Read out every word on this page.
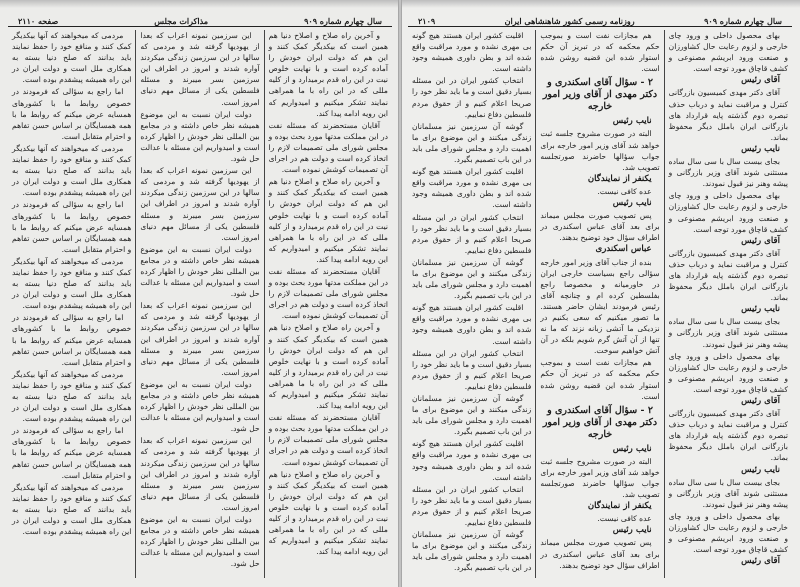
سال چهارم شماره ۹۰۹
مذاکرات مجلس
صفحه ۲۱۱۰

و آخرین راه صلاح و اصلاح دنیا هم همین است که بیکدیگر کمک کنند و این هم که دولت ایران خودش را آماده کرده است و با نهایت خلوص نیت در این راه قدم برمیدارد و از کلیه مللی که در این راه با ما همراهی نمایند تشکر میکنیم و امیدواریم که این رویه ادامه پیدا کند.

آقایان مستحضرند که مسئله نفت در این مملکت مدتها مورد بحث بوده و مجلس شورای ملی تصمیمات لازم را اتخاذ کرده است و دولت هم در اجرای آن تصمیمات کوشش نموده است.

و آخرین راه صلاح و اصلاح دنیا هم همین است که بیکدیگر کمک کنند و این هم که دولت ایران خودش را آماده کرده است و با نهایت خلوص نیت در این راه قدم برمیدارد و از کلیه مللی که در این راه با ما همراهی نمایند تشکر میکنیم و امیدواریم که این رویه ادامه پیدا کند.

آقایان مستحضرند که مسئله نفت در این مملکت مدتها مورد بحث بوده و مجلس شورای ملی تصمیمات لازم را اتخاذ کرده است و دولت هم در اجرای آن تصمیمات کوشش نموده است.

و آخرین راه صلاح و اصلاح دنیا هم همین است که بیکدیگر کمک کنند و این هم که دولت ایران خودش را آماده کرده است و با نهایت خلوص نیت در این راه قدم برمیدارد و از کلیه مللی که در این راه با ما همراهی نمایند تشکر میکنیم و امیدواریم که این رویه ادامه پیدا کند.

آقایان مستحضرند که مسئله نفت در این مملکت مدتها مورد بحث بوده و مجلس شورای ملی تصمیمات لازم را اتخاذ کرده است و دولت هم در اجرای آن تصمیمات کوشش نموده است.

و آخرین راه صلاح و اصلاح دنیا هم همین است که بیکدیگر کمک کنند و این هم که دولت ایران خودش را آماده کرده است و با نهایت خلوص نیت در این راه قدم برمیدارد و از کلیه مللی که در این راه با ما همراهی نمایند تشکر میکنیم و امیدواریم که این رویه ادامه پیدا کند.

این سرزمین نمونه اعراب که بعدا از یهودیها گرفته شد و مردمی که سالها در این سرزمین زندگی میکردند آواره شدند و امروز در اطراف این سرزمین بسر میبرند و مسئله فلسطین یکی از مسائل مهم دنیای امروز است.

دولت ایران نسبت به این موضوع همیشه نظر خاص داشته و در مجامع بین المللی نظر خودش را اظهار کرده است و امیدواریم این مسئله با عدالت حل شود.

این سرزمین نمونه اعراب که بعدا از یهودیها گرفته شد و مردمی که سالها در این سرزمین زندگی میکردند آواره شدند و امروز در اطراف این سرزمین بسر میبرند و مسئله فلسطین یکی از مسائل مهم دنیای امروز است.

دولت ایران نسبت به این موضوع همیشه نظر خاص داشته و در مجامع بین المللی نظر خودش را اظهار کرده است و امیدواریم این مسئله با عدالت حل شود.

این سرزمین نمونه اعراب که بعدا از یهودیها گرفته شد و مردمی که سالها در این سرزمین زندگی میکردند آواره شدند و امروز در اطراف این سرزمین بسر میبرند و مسئله فلسطین یکی از مسائل مهم دنیای امروز است.

دولت ایران نسبت به این موضوع همیشه نظر خاص داشته و در مجامع بین المللی نظر خودش را اظهار کرده است و امیدواریم این مسئله با عدالت حل شود.

این سرزمین نمونه اعراب که بعدا از یهودیها گرفته شد و مردمی که سالها در این سرزمین زندگی میکردند آواره شدند و امروز در اطراف این سرزمین بسر میبرند و مسئله فلسطین یکی از مسائل مهم دنیای امروز است.

دولت ایران نسبت به این موضوع همیشه نظر خاص داشته و در مجامع بین المللی نظر خودش را اظهار کرده است و امیدواریم این مسئله با عدالت حل شود.

مردمی که میخواهند که آنها بیکدیگر کمک کنند و منافع خود را حفظ نمایند باید بدانند که صلح دنیا بسته به همکاری ملل است و دولت ایران در این راه همیشه پیشقدم بوده است.

اما راجع به سؤالی که فرمودند در خصوص روابط ما با کشورهای همسایه عرض میکنم که روابط ما با همه همسایگان بر اساس حسن تفاهم و احترام متقابل است.

مردمی که میخواهند که آنها بیکدیگر کمک کنند و منافع خود را حفظ نمایند باید بدانند که صلح دنیا بسته به همکاری ملل است و دولت ایران در این راه همیشه پیشقدم بوده است.

اما راجع به سؤالی که فرمودند در خصوص روابط ما با کشورهای همسایه عرض میکنم که روابط ما با همه همسایگان بر اساس حسن تفاهم و احترام متقابل است.

مردمی که میخواهند که آنها بیکدیگر کمک کنند و منافع خود را حفظ نمایند باید بدانند که صلح دنیا بسته به همکاری ملل است و دولت ایران در این راه همیشه پیشقدم بوده است.

اما راجع به سؤالی که فرمودند در خصوص روابط ما با کشورهای همسایه عرض میکنم که روابط ما با همه همسایگان بر اساس حسن تفاهم و احترام متقابل است.

مردمی که میخواهند که آنها بیکدیگر کمک کنند و منافع خود را حفظ نمایند باید بدانند که صلح دنیا بسته به همکاری ملل است و دولت ایران در این راه همیشه پیشقدم بوده است.

اما راجع به سؤالی که فرمودند در خصوص روابط ما با کشورهای همسایه عرض میکنم که روابط ما با همه همسایگان بر اساس حسن تفاهم و احترام متقابل است.

مردمی که میخواهند که آنها بیکدیگر کمک کنند و منافع خود را حفظ نمایند باید بدانند که صلح دنیا بسته به همکاری ملل است و دولت ایران در این راه همیشه پیشقدم بوده است.

سال چهارم شماره ۹۰۹
روزنامه رسمی کشور شاهنشاهی ایران
۲۱۰۹

بهای محصول داخلی و ورود چای خارجی و لزوم رعایت حال کشاورزان و صنعت ورود ابریشم مصنوعی و کشف قاچاق مورد توجه است.

آقای رئیس

آقای دکتر مهدی کمیسیون بازرگانی کنترل و مراقبت نماید و درباب حذف تبصره دوم گذشته پایه قرارداد های بازرگانی ایران باملل دیگر محفوظ بماند.

نایب رئیس

بجای بیست سال با سی سال ساده مستثنی شوند آقای وزیر بازرگانی و پیشه وهنر نیز قبول نمودند.

بهای محصول داخلی و ورود چای خارجی و لزوم رعایت حال کشاورزان و صنعت ورود ابریشم مصنوعی و کشف قاچاق مورد توجه است.

آقای رئیس

آقای دکتر مهدی کمیسیون بازرگانی کنترل و مراقبت نماید و درباب حذف تبصره دوم گذشته پایه قرارداد های بازرگانی ایران باملل دیگر محفوظ بماند.

نایب رئیس

بجای بیست سال با سی سال ساده مستثنی شوند آقای وزیر بازرگانی و پیشه وهنر نیز قبول نمودند.

بهای محصول داخلی و ورود چای خارجی و لزوم رعایت حال کشاورزان و صنعت ورود ابریشم مصنوعی و کشف قاچاق مورد توجه است.

آقای رئیس

آقای دکتر مهدی کمیسیون بازرگانی کنترل و مراقبت نماید و درباب حذف تبصره دوم گذشته پایه قرارداد های بازرگانی ایران باملل دیگر محفوظ بماند.

نایب رئیس

بجای بیست سال با سی سال ساده مستثنی شوند آقای وزیر بازرگانی و پیشه وهنر نیز قبول نمودند.

بهای محصول داخلی و ورود چای خارجی و لزوم رعایت حال کشاورزان و صنعت ورود ابریشم مصنوعی و کشف قاچاق مورد توجه است.

آقای رئیس

هم مجازات نفت است و بموجب حکم محکمه که در تبریز آن حکم استوار شده این قضیه روشن شده است.

۲ - سؤال آقای اسکندری و دکتر مهدی از آقای وزیر امور خارجه

نایب رئیس

البته در صورت مشروح جلسه ثبت خواهد شد آقای وزیر امور خارجه برای جواب سؤالها حاضرند صورتجلسه تصویب شد.

یکنفر از نمایندگان

عده کافی نیست.

نایب رئیس

پس تصویب صورت مجلس میماند برای بعد آقای عباس اسکندری در اطراف سؤال خود توضیح بدهند.

عباس اسکندری

بنده از جناب آقای وزیر امور خارجه سؤالی راجع بسیاست خارجی ایران در خاورمیانه و مخصوصا راجع بفلسطین کرده ام و چنانچه آقای رئیس فرمودند ایشان حاضر هستند. ما تصور میکنیم که سعی بکنیم در نزدیکی ما آتشی زبانه نزند که ما نه تنها از آن آتش گرم شویم بلکه در آن آتش خواهیم سوخت.

هم مجازات نفت است و بموجب حکم محکمه که در تبریز آن حکم استوار شده این قضیه روشن شده است.

۲ - سؤال آقای اسکندری و دکتر مهدی از آقای وزیر امور خارجه

نایب رئیس

البته در صورت مشروح جلسه ثبت خواهد شد آقای وزیر امور خارجه برای جواب سؤالها حاضرند صورتجلسه تصویب شد.

یکنفر از نمایندگان

عده کافی نیست.

نایب رئیس

پس تصویب صورت مجلس میماند برای بعد آقای عباس اسکندری در اطراف سؤال خود توضیح بدهند.

اقلیت کشور ایران هستند هیچ گونه بی مهری نشده و مورد مراقبت واقع شده اند و بطن داوری همیشه وجود داشته است.

انتخاب کشور ایران در این مسئله بسیار دقیق است و ما باید نظر خود را صریحا اعلام کنیم و از حقوق مردم فلسطین دفاع نماییم.

گوشه آن سرزمین نیز مسلمانان زندگی میکنند و این موضوع برای ما اهمیت دارد و مجلس شورای ملی باید در این باب تصمیم بگیرد.

اقلیت کشور ایران هستند هیچ گونه بی مهری نشده و مورد مراقبت واقع شده اند و بطن داوری همیشه وجود داشته است.

انتخاب کشور ایران در این مسئله بسیار دقیق است و ما باید نظر خود را صریحا اعلام کنیم و از حقوق مردم فلسطین دفاع نماییم.

گوشه آن سرزمین نیز مسلمانان زندگی میکنند و این موضوع برای ما اهمیت دارد و مجلس شورای ملی باید در این باب تصمیم بگیرد.

اقلیت کشور ایران هستند هیچ گونه بی مهری نشده و مورد مراقبت واقع شده اند و بطن داوری همیشه وجود داشته است.

انتخاب کشور ایران در این مسئله بسیار دقیق است و ما باید نظر خود را صریحا اعلام کنیم و از حقوق مردم فلسطین دفاع نماییم.

گوشه آن سرزمین نیز مسلمانان زندگی میکنند و این موضوع برای ما اهمیت دارد و مجلس شورای ملی باید در این باب تصمیم بگیرد.

اقلیت کشور ایران هستند هیچ گونه بی مهری نشده و مورد مراقبت واقع شده اند و بطن داوری همیشه وجود داشته است.

انتخاب کشور ایران در این مسئله بسیار دقیق است و ما باید نظر خود را صریحا اعلام کنیم و از حقوق مردم فلسطین دفاع نماییم.

گوشه آن سرزمین نیز مسلمانان زندگی میکنند و این موضوع برای ما اهمیت دارد و مجلس شورای ملی باید در این باب تصمیم بگیرد.
